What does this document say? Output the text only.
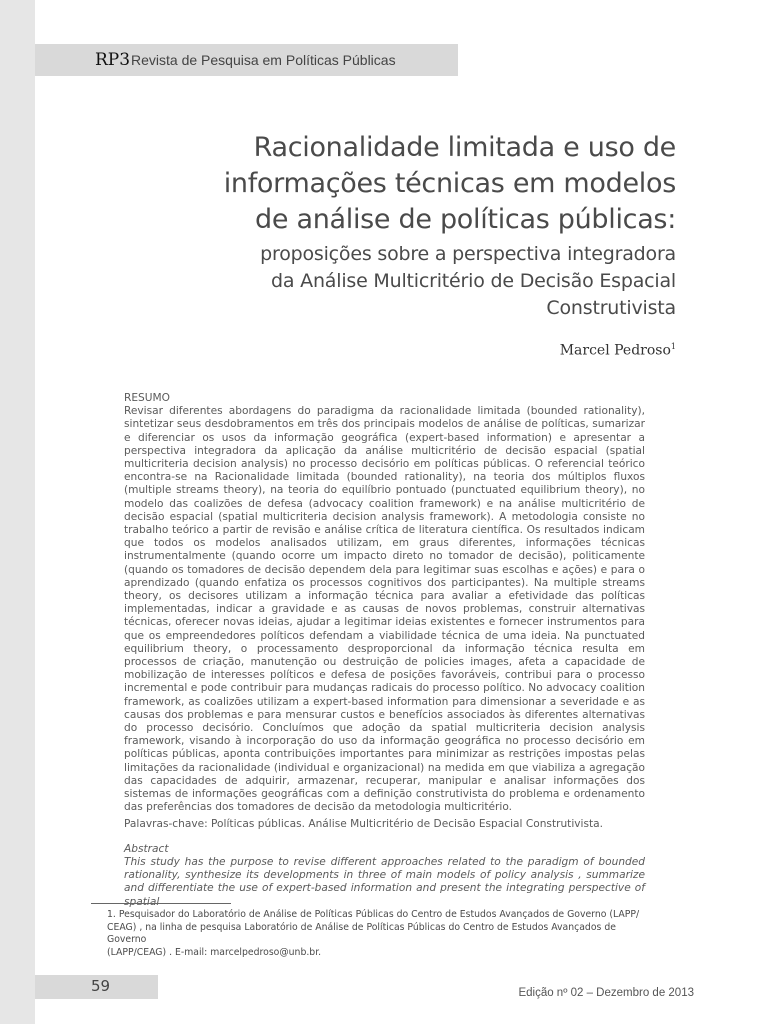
RP3 Revista de Pesquisa em Políticas Públicas
Racionalidade limitada e uso de
informações técnicas em modelos
de análise de políticas públicas:
proposições sobre a perspectiva integradora
da Análise Multicritério de Decisão Espacial
Construtivista
Marcel Pedroso$^1$
RESUMO
Revisar diferentes abordagens do paradigma da racionalidade limitada (bounded rationality), sintetizar seus desdobramentos em três dos principais modelos de análise de políticas, sumarizar e diferenciar os usos da informação geográfica (expert-based information) e apresentar a perspectiva integradora da aplicação da análise multicritério de decisão espacial (spatial multicriteria decision analysis) no processo decisório em políticas públicas. O referencial teórico encontra-se na Racionalidade limitada (bounded rationality), na teoria dos múltiplos fluxos (multiple streams theory), na teoria do equilíbrio pontuado (punctuated equilibrium theory), no modelo das coalizões de defesa (advocacy coalition framework) e na análise multicritério de decisão espacial (spatial multicriteria decision analysis framework). A metodologia consiste no trabalho teórico a partir de revisão e análise crítica de literatura científica. Os resultados indicam que todos os modelos analisados utilizam, em graus diferentes, informações técnicas instrumentalmente (quando ocorre um impacto direto no tomador de decisão), politicamente (quando os tomadores de decisão dependem dela para legitimar suas escolhas e ações) e para o aprendizado (quando enfatiza os processos cognitivos dos participantes). Na multiple streams theory, os decisores utilizam a informação técnica para avaliar a efetividade das políticas implementadas, indicar a gravidade e as causas de novos problemas, construir alternativas técnicas, oferecer novas ideias, ajudar a legitimar ideias existentes e fornecer instrumentos para que os empreendedores políticos defendam a viabilidade técnica de uma ideia. Na punctuated equilibrium theory, o processamento desproporcional da informação técnica resulta em processos de criação, manutenção ou destruição de policies images, afeta a capacidade de mobilização de interesses políticos e defesa de posições favoráveis, contribui para o processo incremental e pode contribuir para mudanças radicais do processo político. No advocacy coalition framework, as coalizões utilizam a expert-based information para dimensionar a severidade e as causas dos problemas e para mensurar custos e benefícios associados às diferentes alternativas do processo decisório. Concluímos que adoção da spatial multicriteria decision analysis framework, visando à incorporação do uso da informação geográfica no processo decisório em políticas públicas, aponta contribuições importantes para minimizar as restrições impostas pelas limitações da racionalidade (individual e organizacional) na medida em que viabiliza a agregação das capacidades de adquirir, armazenar, recuperar, manipular e analisar informações dos sistemas de informações geográficas com a definição construtivista do problema e ordenamento das preferências dos tomadores de decisão da metodologia multicritério.
Palavras-chave: Políticas públicas. Análise Multicritério de Decisão Espacial Construtivista.
Abstract
This study has the purpose to revise different approaches related to the paradigm of bounded rationality, synthesize its developments in three of main models of policy analysis , summarize and differentiate the use of expert-based information and present the integrating perspective of spatial
1. Pesquisador do Laboratório de Análise de Políticas Públicas do Centro de Estudos Avançados de Governo (LAPP/
CEAG) , na linha de pesquisa Laboratório de Análise de Políticas Públicas do Centro de Estudos Avançados de Governo
(LAPP/CEAG) . E-mail: marcelpedroso@unb.br.
59	Edição nº 02 – Dezembro de 2013
